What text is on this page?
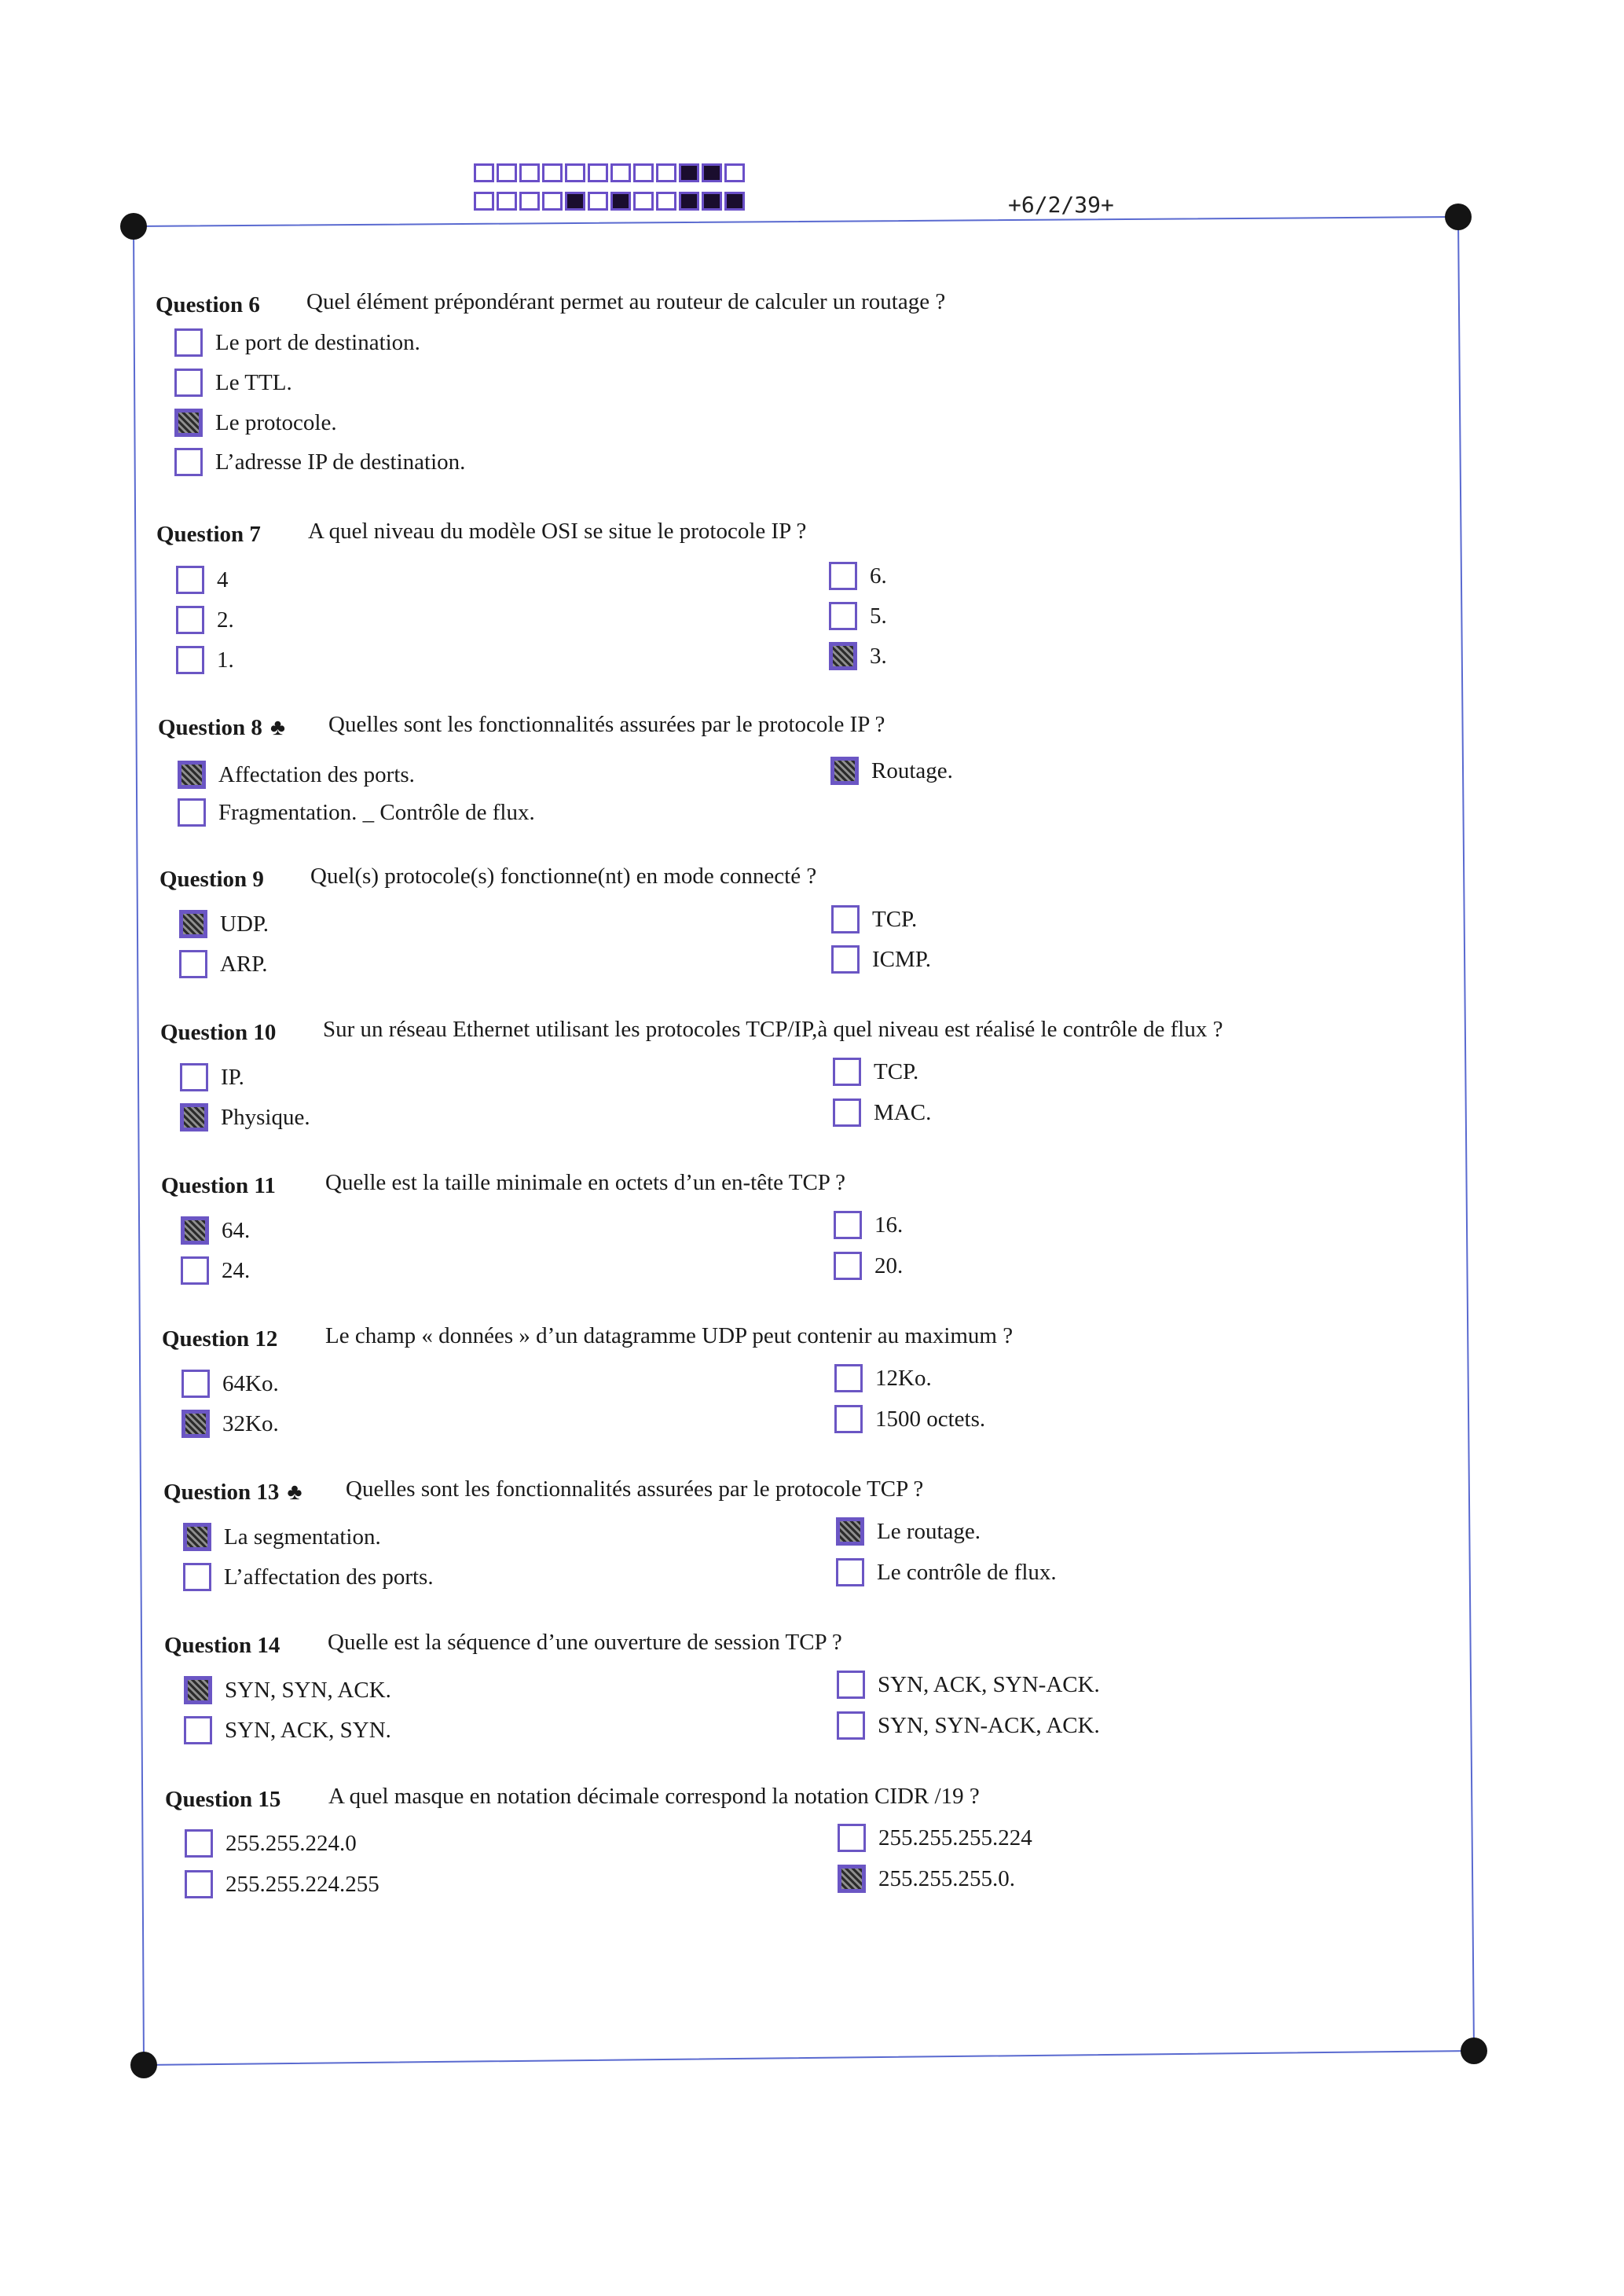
+6/2/39+
Question 6 Quel élément prépondérant permet au routeur de calculer un routage ?
Le port de destination.
Le TTL.
Le protocole.
L’adresse IP de destination.
Question 7 A quel niveau du modèle OSI se situe le protocole IP ?
4
2.
1.
6.
5.
3.
Question 8 ♣ Quelles sont les fonctionnalités assurées par le protocole IP ?
Affectation des ports.
Fragmentation. _ Contrôle de flux.
Routage.
Question 9 Quel(s) protocole(s) fonctionne(nt) en mode connecté ?
UDP.
ARP.
TCP.
ICMP.
Question 10 Sur un réseau Ethernet utilisant les protocoles TCP/IP,à quel niveau est réalisé le contrôle de flux ?
IP.
Physique.
TCP.
MAC.
Question 11 Quelle est la taille minimale en octets d’un en-tête TCP ?
64.
24.
16.
20.
Question 12 Le champ « données » d’un datagramme UDP peut contenir au maximum ?
64Ko.
32Ko.
12Ko.
1500 octets.
Question 13 ♣ Quelles sont les fonctionnalités assurées par le protocole TCP ?
La segmentation.
L’affectation des ports.
Le routage.
Le contrôle de flux.
Question 14 Quelle est la séquence d’une ouverture de session TCP ?
SYN, SYN, ACK.
SYN, ACK, SYN.
SYN, ACK, SYN-ACK.
SYN, SYN-ACK, ACK.
Question 15 A quel masque en notation décimale correspond la notation CIDR /19 ?
255.255.224.0
255.255.224.255
255.255.255.224
255.255.255.0.
